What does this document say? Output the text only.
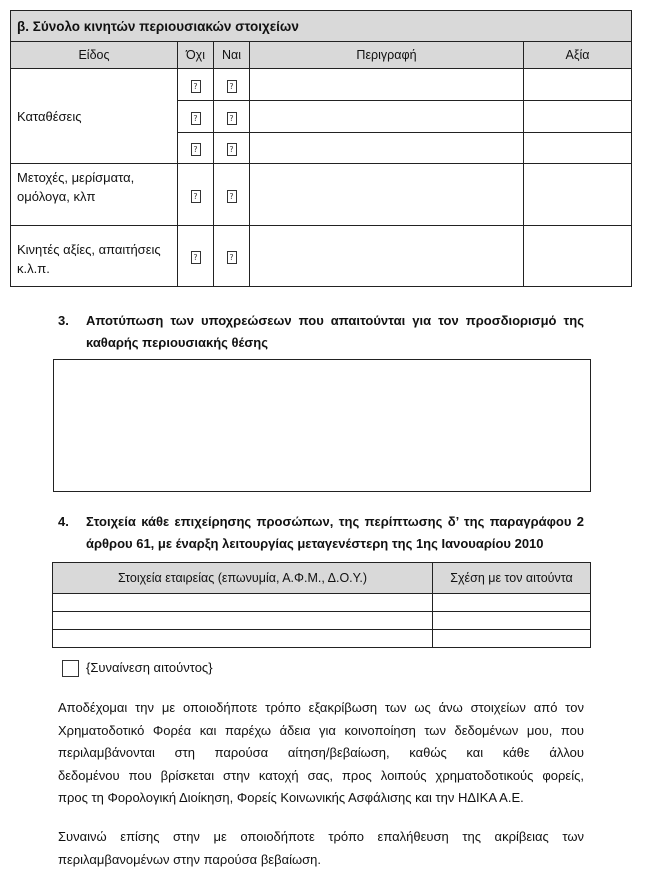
β. Σύνολο κινητών περιουσιακών στοιχείων				
Είδος	Όχι	Ναι	Περιγραφή	Αξία
Καταθέσεις	?	?		
	?	?		
	?	?		
Μετοχές, μερίσματα, ομόλογα, κλπ	?	?		
Κινητές αξίες, απαιτήσεις κ.λ.π.	?	?		
3. Αποτύπωση των υποχρεώσεων που απαιτούνται για τον προσδιορισμό της
καθαρής περιουσιακής θέσης
4. Στοιχεία κάθε επιχείρησης προσώπων, της περίπτωσης δ’ της παραγράφου 2
άρθρου 61, με έναρξη λειτουργίας μεταγενέστερη της 1ης Ιανουαρίου 2010
Στοιχεία εταιρείας (επωνυμία, Α.Φ.Μ., Δ.Ο.Υ.)	Σχέση με τον αιτούντα

{Συναίνεση αιτούντος}
Αποδέχομαι την με οποιοδήποτε τρόπο εξακρίβωση των ως άνω στοιχείων από τον
Χρηματοδοτικό Φορέα και παρέχω άδεια για κοινοποίηση των δεδομένων μου, που
περιλαμβάνονται στη παρούσα αίτηση/βεβαίωση, καθώς και κάθε άλλου
δεδομένου που βρίσκεται στην κατοχή σας, προς λοιπούς χρηματοδοτικούς φορείς,
προς τη Φορολογική Διοίκηση, Φορείς Κοινωνικής Ασφάλισης και την ΗΔΙΚΑ Α.Ε.
Συναινώ επίσης στην με οποιοδήποτε τρόπο επαλήθευση της ακρίβειας των
περιλαμβανομένων στην παρούσα βεβαίωση.
